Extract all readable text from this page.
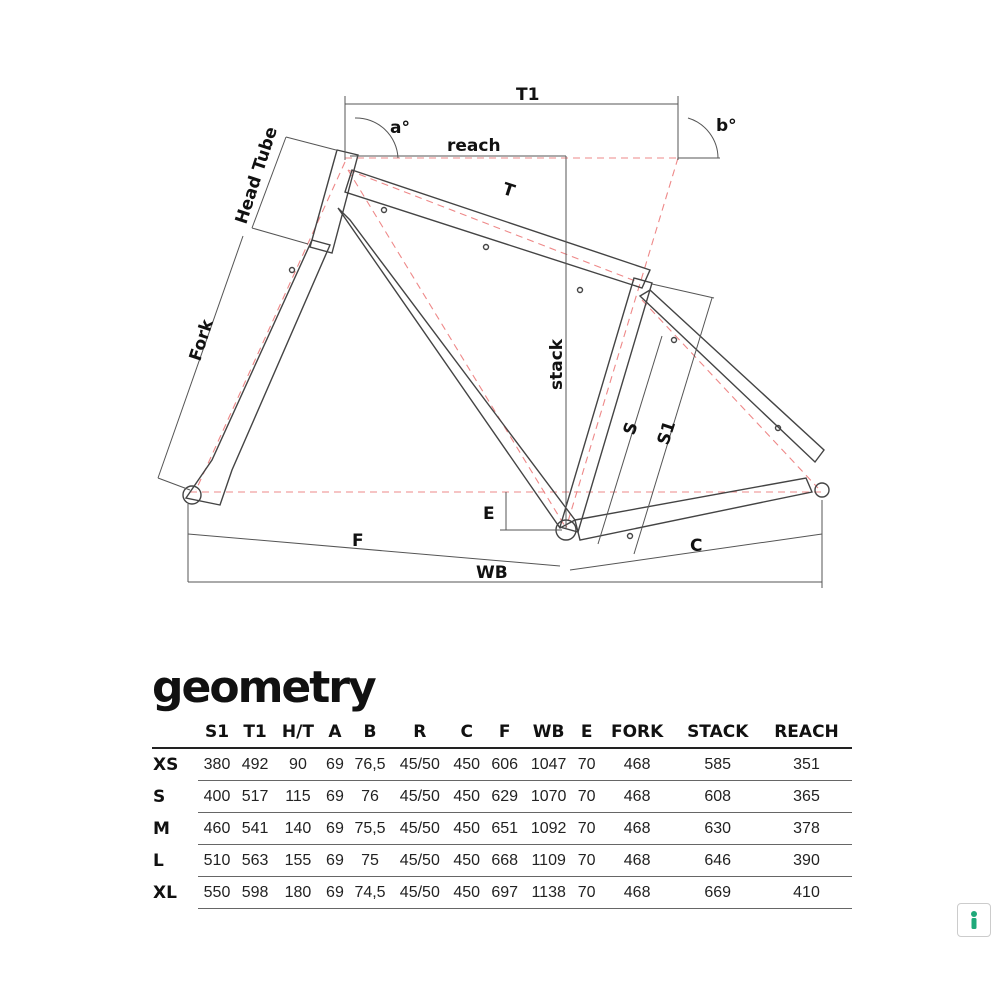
T1
a°	b°
reach
T
Head Tube
Fork	stack
S S1
E
F	C
WB
geometry
	S1	T1	H/T	A	B	R	C	F	WB	E	FORK	STACK	REACH
XS	380	492	90	69	76,5	45/50	450	606	1047	70	468	585	351
S	400	517	115	69	76	45/50	450	629	1070	70	468	608	365
M	460	541	140	69	75,5	45/50	450	651	1092	70	468	630	378
L	510	563	155	69	75	45/50	450	668	1109	70	468	646	390
XL	550	598	180	69	74,5	45/50	450	697	1138	70	468	669	410
